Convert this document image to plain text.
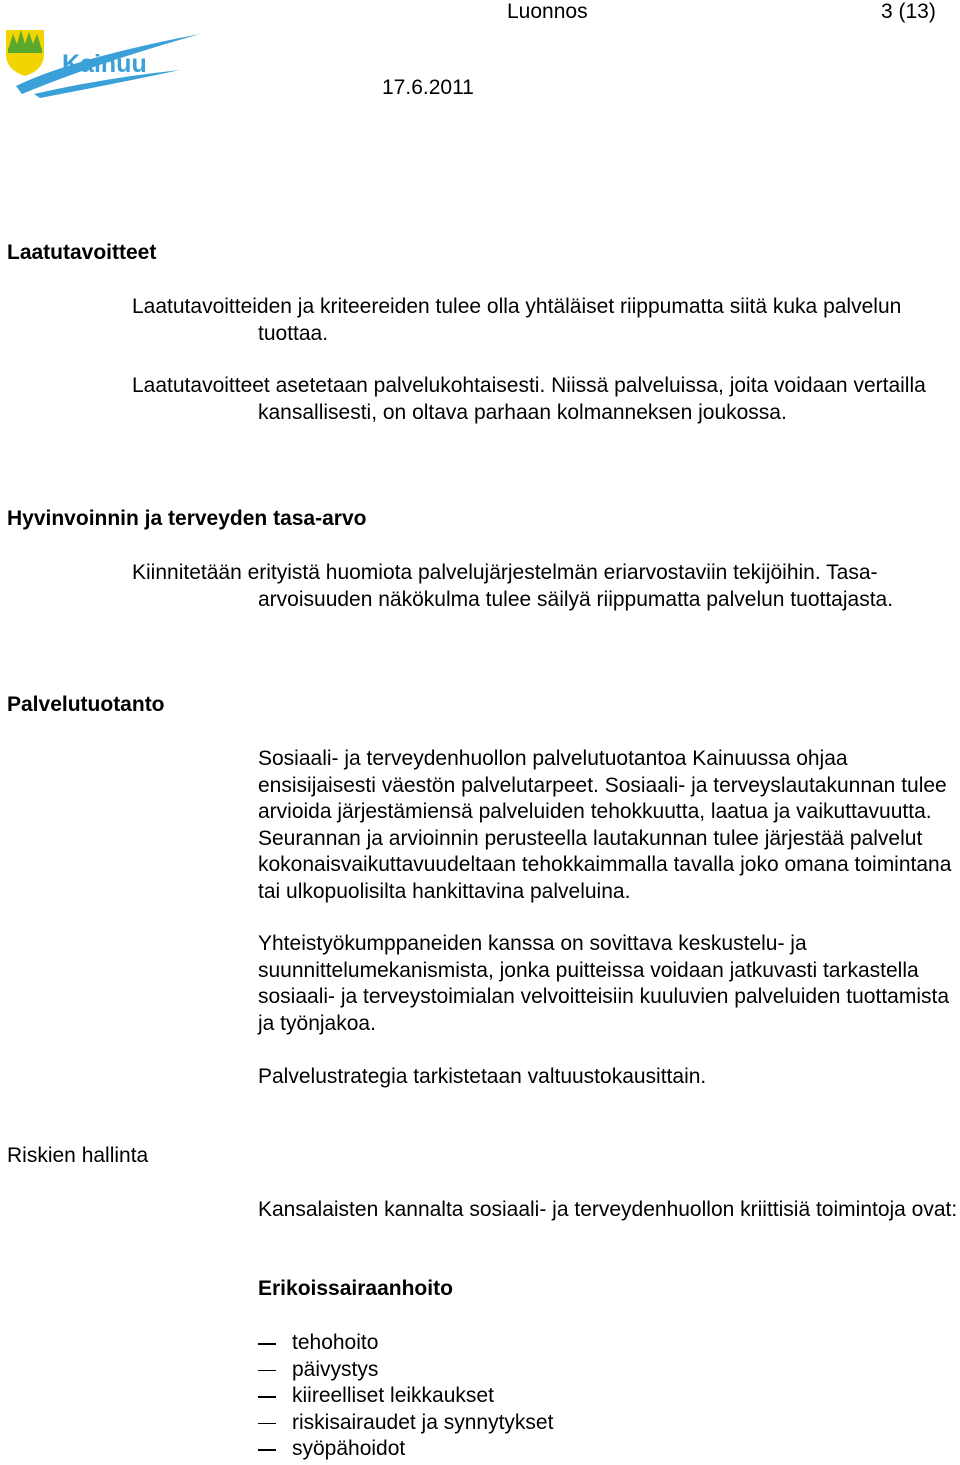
Kainuu
Luonnos	3 (13)
17.6.2011
Laatutavoitteet

Laatutavoitteiden ja kriteereiden tulee olla yhtäläiset riippumatta siitä kuka palvelun tuottaa.

Laatutavoitteet asetetaan palvelukohtaisesti. Niissä palveluissa, joita voidaan vertailla kansallisesti, on oltava parhaan kolmanneksen joukossa.

Hyvinvoinnin ja terveyden tasa-arvo

Kiinnitetään erityistä huomiota palvelujärjestelmän eriarvostaviin tekijöihin. Tasa-arvoisuuden näkökulma tulee säilyä riippumatta palvelun tuottajasta.

Palvelutuotanto

Sosiaali- ja terveydenhuollon palvelutuotantoa Kainuussa ohjaa ensisijaisesti väestön palvelutarpeet. Sosiaali- ja terveyslautakunnan tulee arvioida järjestämiensä palveluiden tehokkuutta, laatua ja vaikuttavuutta. Seurannan ja arvioinnin perusteella lautakunnan tulee järjestää palvelut kokonaisvaikuttavuudeltaan tehokkaimmalla tavalla joko omana toimintana tai ulkopuolisilta hankittavina palveluina.

Yhteistyökumppaneiden kanssa on sovittava keskustelu- ja suunnittelumekanismista, jonka puitteissa voidaan jatkuvasti tarkastella sosiaali- ja terveystoimialan velvoitteisiin kuuluvien palveluiden tuottamista ja työnjakoa.

Palvelustrategia tarkistetaan valtuustokausittain.

Riskien hallinta

Kansalaisten kannalta sosiaali- ja terveydenhuollon kriittisiä toimintoja ovat:

Erikoissairaanhoito
tehohoito
päivystys
kiireelliset leikkaukset
riskisairaudet ja synnytykset
syöpähoidot
